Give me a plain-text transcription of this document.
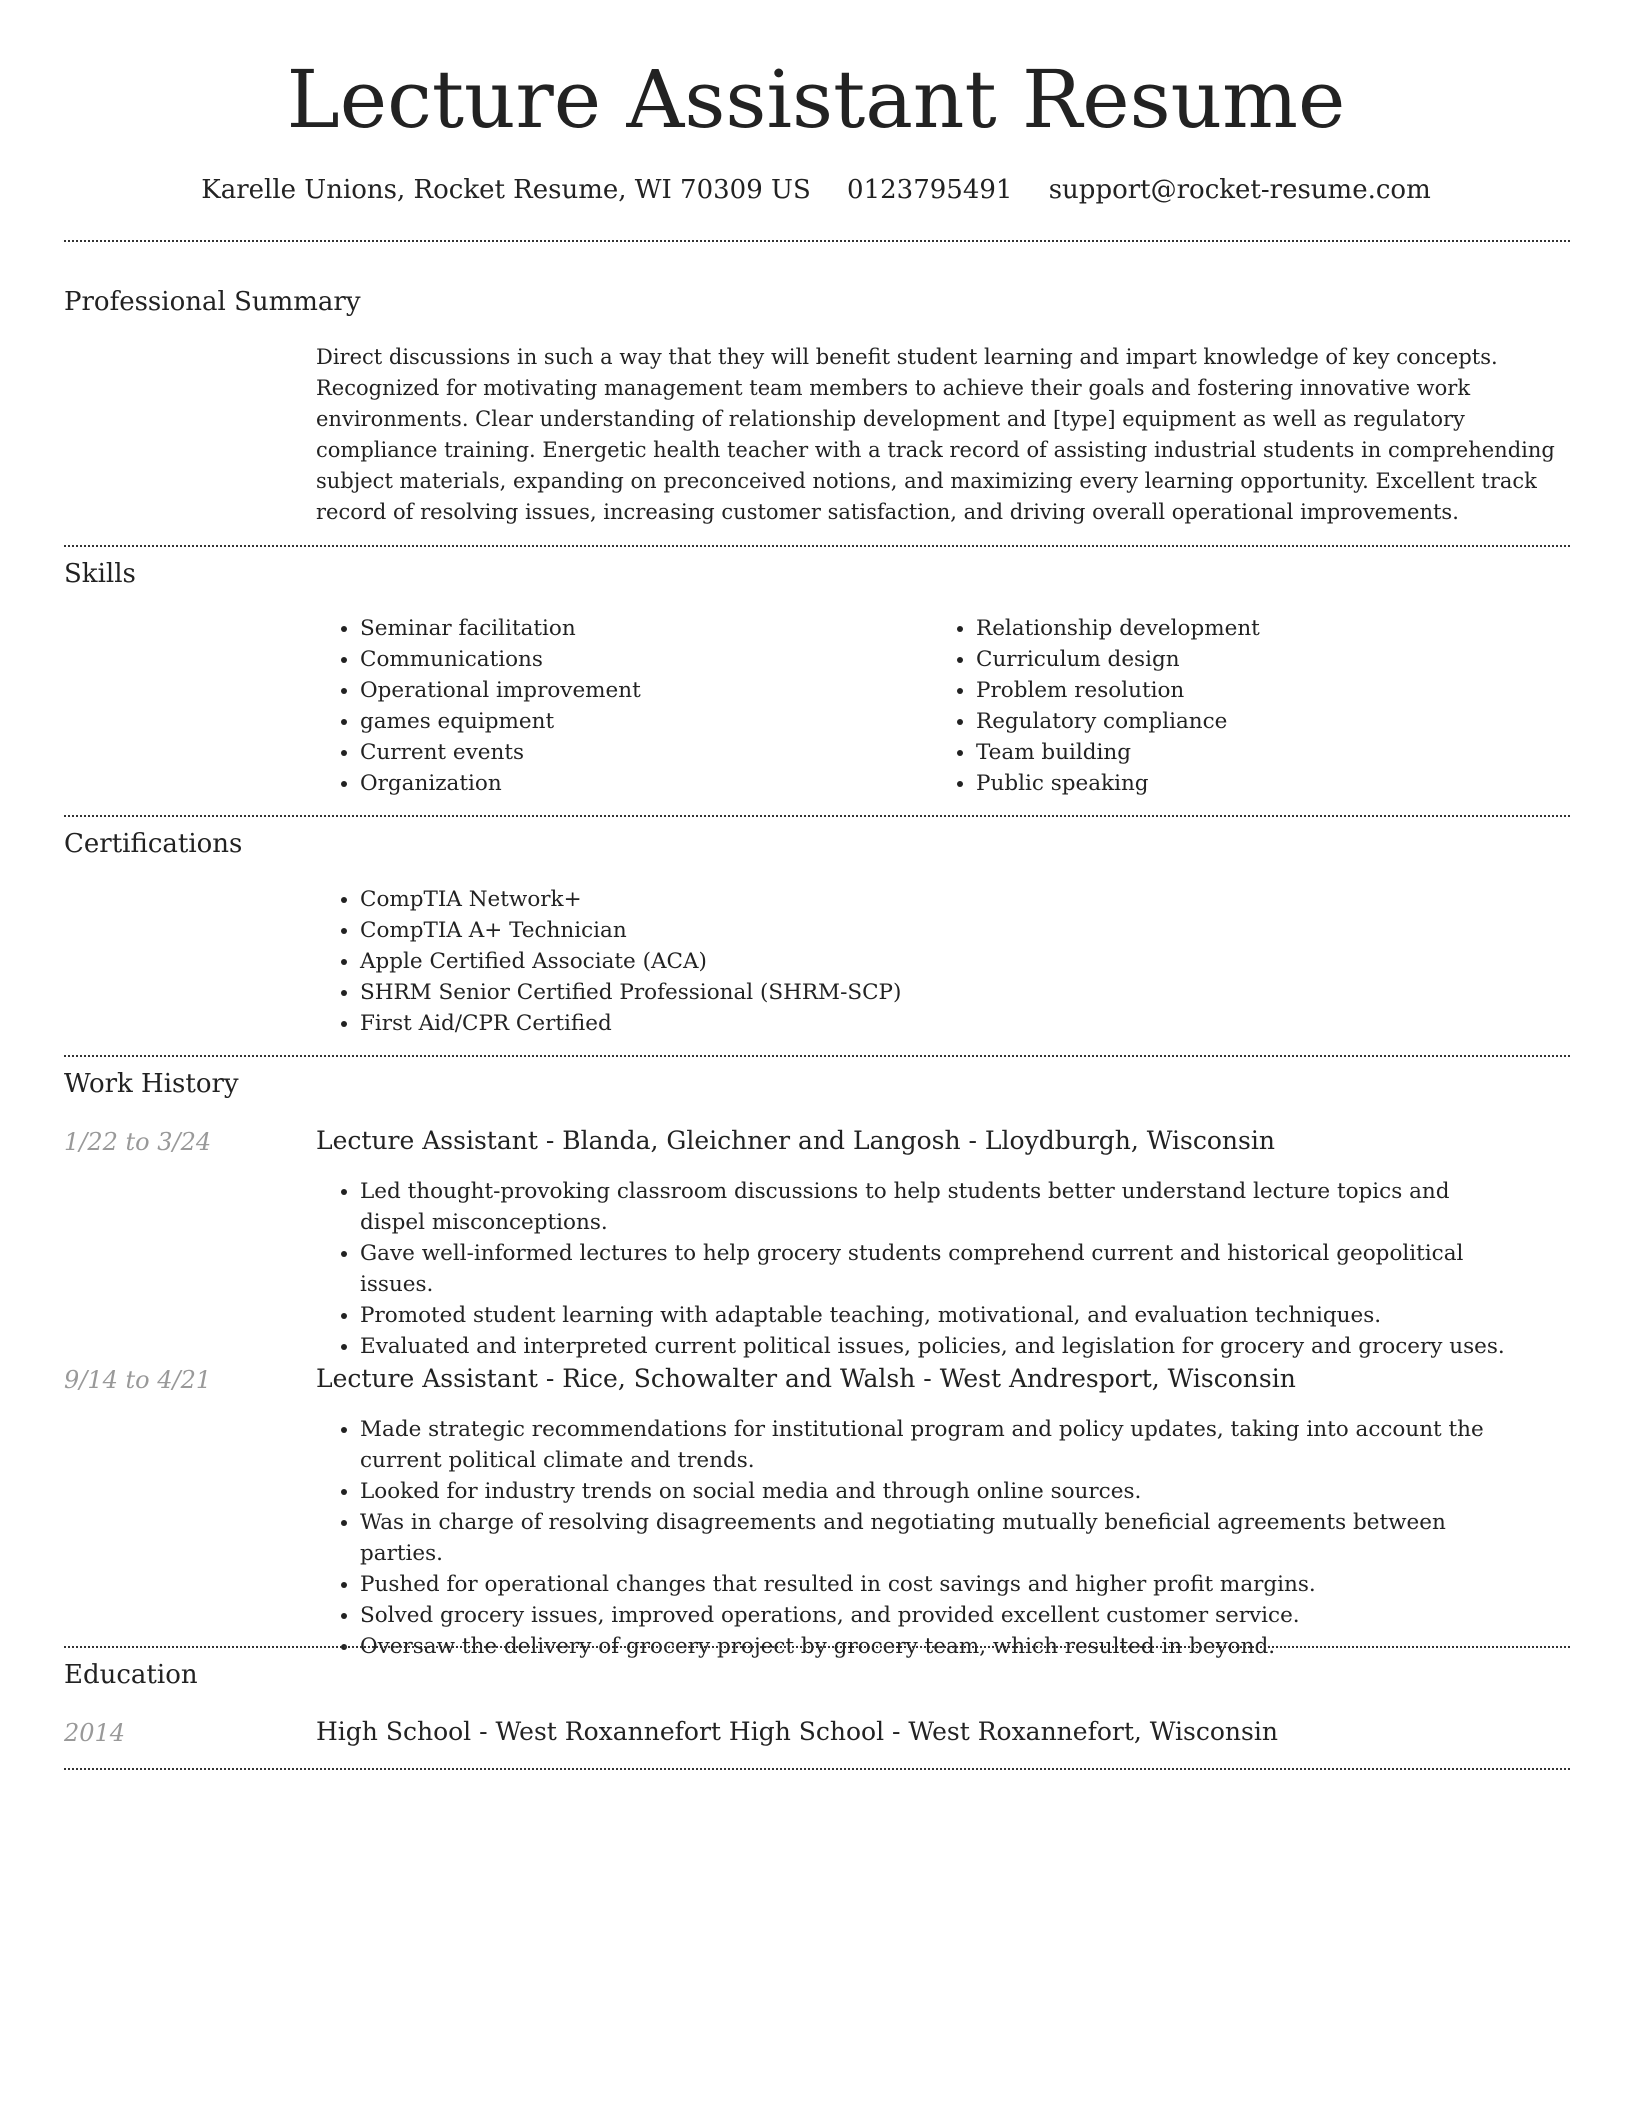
Lecture Assistant Resume
Karelle Unions, Rocket Resume, WI 70309 US 0123795491 support@rocket-resume.com
Professional Summary

Direct discussions in such a way that they will benefit student learning and impart knowledge of key concepts. Recognized for motivating management team members to achieve their goals and fostering innovative work environments. Clear understanding of relationship development and [type] equipment as well as regulatory compliance training. Energetic health teacher with a track record of assisting industrial students in comprehending subject materials, expanding on preconceived notions, and maximizing every learning opportunity. Excellent track record of resolving issues, increasing customer satisfaction, and driving overall operational improvements.

Skills
• Seminar facilitation
• Communications
• Operational improvement
• games equipment
• Current events
• Organization
• Relationship development
• Curriculum design
• Problem resolution
• Regulatory compliance
• Team building
• Public speaking
Certifications
• CompTIA Network+
• CompTIA A+ Technician
• Apple Certified Associate (ACA)
• SHRM Senior Certified Professional (SHRM-SCP)
• First Aid/CPR Certified
Work History
1/22 to 3/24	Lecture Assistant - Blanda, Gleichner and Langosh - Lloydburgh, Wisconsin
• Led thought-provoking classroom discussions to help students better understand lecture topics and dispel misconceptions.
• Gave well-informed lectures to help grocery students comprehend current and historical geopolitical issues.
• Promoted student learning with adaptable teaching, motivational, and evaluation techniques.
• Evaluated and interpreted current political issues, policies, and legislation for grocery and grocery uses.
9/14 to 4/21	Lecture Assistant - Rice, Schowalter and Walsh - West Andresport, Wisconsin
• Made strategic recommendations for institutional program and policy updates, taking into account the current political climate and trends.
• Looked for industry trends on social media and through online sources.
• Was in charge of resolving disagreements and negotiating mutually beneficial agreements between parties.
• Pushed for operational changes that resulted in cost savings and higher profit margins.
• Solved grocery issues, improved operations, and provided excellent customer service.
• Oversaw the delivery of grocery project by grocery team, which resulted in beyond.
Education
2014	High School - West Roxannefort High School - West Roxannefort, Wisconsin
